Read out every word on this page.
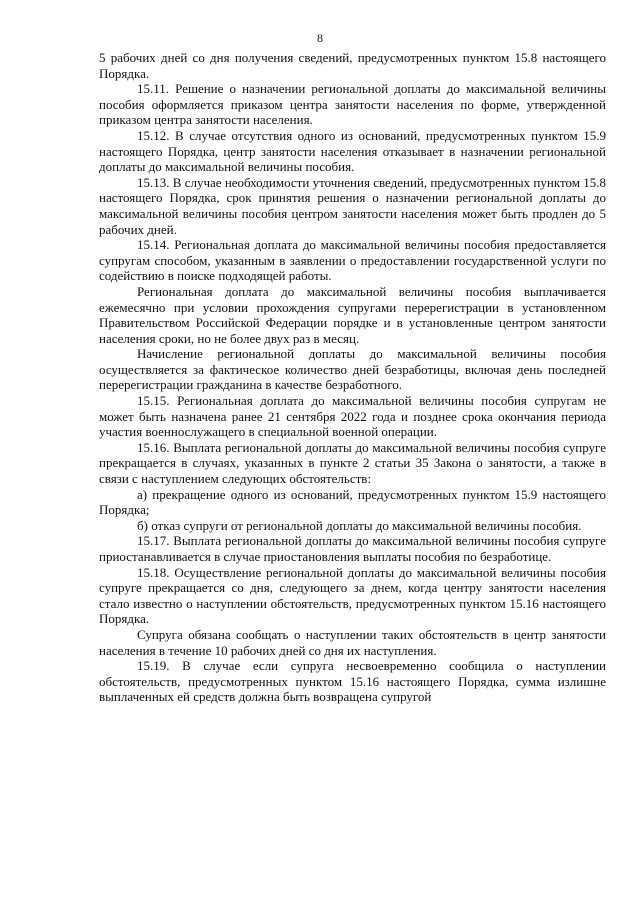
8

5 рабочих дней со дня получения сведений, предусмотренных пунктом 15.8 настоящего Порядка.

15.11. Решение о назначении региональной доплаты до максимальной величины пособия оформляется приказом центра занятости населения по форме, утвержденной приказом центра занятости населения.

15.12. В случае отсутствия одного из оснований, предусмотренных пунктом 15.9 настоящего Порядка, центр занятости населения отказывает в назначении региональной доплаты до максимальной величины пособия.

15.13. В случае необходимости уточнения сведений, предусмотренных пунктом 15.8 настоящего Порядка, срок принятия решения о назначении региональной доплаты до максимальной величины пособия центром занятости населения может быть продлен до 5 рабочих дней.

15.14. Региональная доплата до максимальной величины пособия предоставляется супругам способом, указанным в заявлении о предоставлении государственной услуги по содействию в поиске подходящей работы.

Региональная доплата до максимальной величины пособия выплачивается ежемесячно при условии прохождения супругами перерегистрации в установленном Правительством Российской Федерации порядке и в установленные центром занятости населения сроки, но не более двух раз в месяц.

Начисление региональной доплаты до максимальной величины пособия осуществляется за фактическое количество дней безработицы, включая день последней перерегистрации гражданина в качестве безработного.

15.15. Региональная доплата до максимальной величины пособия супругам не может быть назначена ранее 21 сентября 2022 года и позднее срока окончания периода участия военнослужащего в специальной военной операции.

15.16. Выплата региональной доплаты до максимальной величины пособия супруге прекращается в случаях, указанных в пункте 2 статьи 35 Закона о занятости, а также в связи с наступлением следующих обстоятельств:

а) прекращение одного из оснований, предусмотренных пунктом 15.9 настоящего Порядка;

б) отказ супруги от региональной доплаты до максимальной величины пособия.

15.17. Выплата региональной доплаты до максимальной величины пособия супруге приостанавливается в случае приостановления выплаты пособия по безработице.

15.18. Осуществление региональной доплаты до максимальной величины пособия супруге прекращается со дня, следующего за днем, когда центру занятости населения стало известно о наступлении обстоятельств, предусмотренных пунктом 15.16 настоящего Порядка.

Супруга обязана сообщать о наступлении таких обстоятельств в центр занятости населения в течение 10 рабочих дней со дня их наступления.

15.19. В случае если супруга несвоевременно сообщила о наступлении обстоятельств, предусмотренных пунктом 15.16 настоящего Порядка, сумма излишне выплаченных ей средств должна быть возвращена супругой
